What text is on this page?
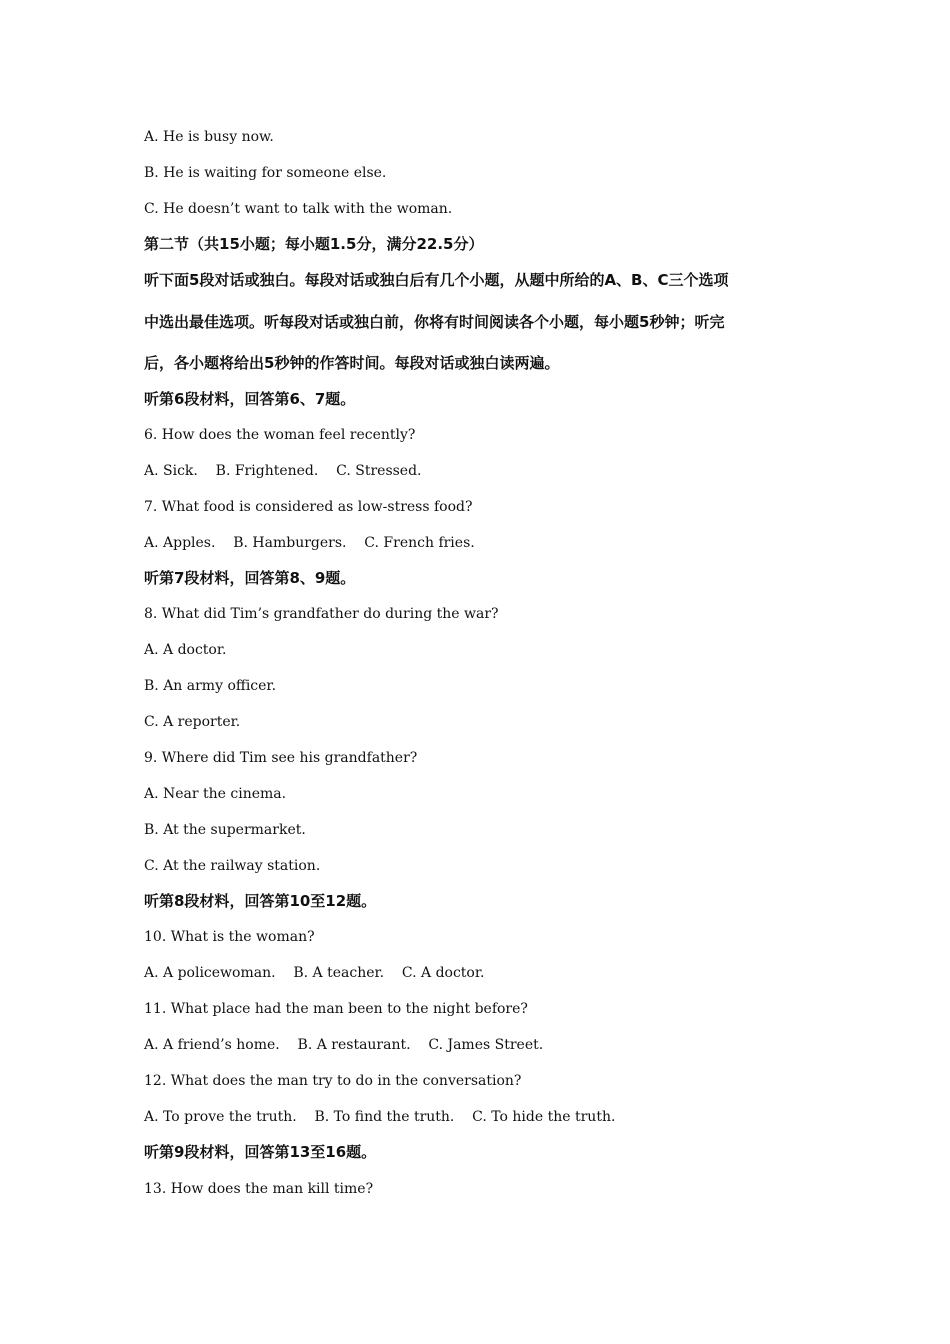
A. He is busy now.
B. He is waiting for someone else.
C. He doesn’t want to talk with the woman.
第二节（共15小题；每小题1.5分，满分22.5分）
听下面5段对话或独白。每段对话或独白后有几个小题，从题中所给的A、B、C三个选项
中选出最佳选项。听每段对话或独白前，你将有时间阅读各个小题，每小题5秒钟；听完
后，各小题将给出5秒钟的作答时间。每段对话或独白读两遍。
听第6段材料，回答第6、7题。
6. How does the woman feel recently?
A. Sick.    B. Frightened.    C. Stressed.
7. What food is considered as low-stress food?
A. Apples.    B. Hamburgers.    C. French fries.
听第7段材料，回答第8、9题。
8. What did Tim’s grandfather do during the war?
A. A doctor.
B. An army officer.
C. A reporter.
9. Where did Tim see his grandfather?
A. Near the cinema.
B. At the supermarket.
C. At the railway station.
听第8段材料，回答第10至12题。
10. What is the woman?
A. A policewoman.    B. A teacher.    C. A doctor.
11. What place had the man been to the night before?
A. A friend’s home.    B. A restaurant.    C. James Street.
12. What does the man try to do in the conversation?
A. To prove the truth.    B. To find the truth.    C. To hide the truth.
听第9段材料，回答第13至16题。
13. How does the man kill time?
